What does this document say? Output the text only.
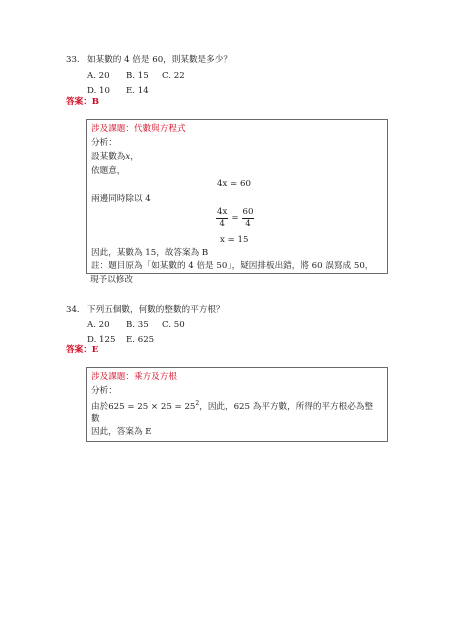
33. 如某數的 4 倍是 60，則某數是多少？
A. 20 B. 15 C. 22
D. 10 E. 14
答案：B
涉及課題：代數與方程式
分析：
設某數為x，
依題意，
4x = 60
兩邊同時除以 4
$\frac{4x}{4} = \frac{60}{4}$
x = 15
因此，某數為 15，故答案為 B
註：題目原為「如某數的 4 倍是 50」，疑因排板出錯，將 60 誤寫成 50，
現予以修改
34. 下列五個數，何數的整數的平方根？
A. 20 B. 35 C. 50
D. 125 E. 625
答案：E
涉及課題：乘方及方根
分析：
由於$625 = 25 \times 25 = 25^2$，因此，625 為平方數，所得的平方根必為整
數
因此，答案為 E
